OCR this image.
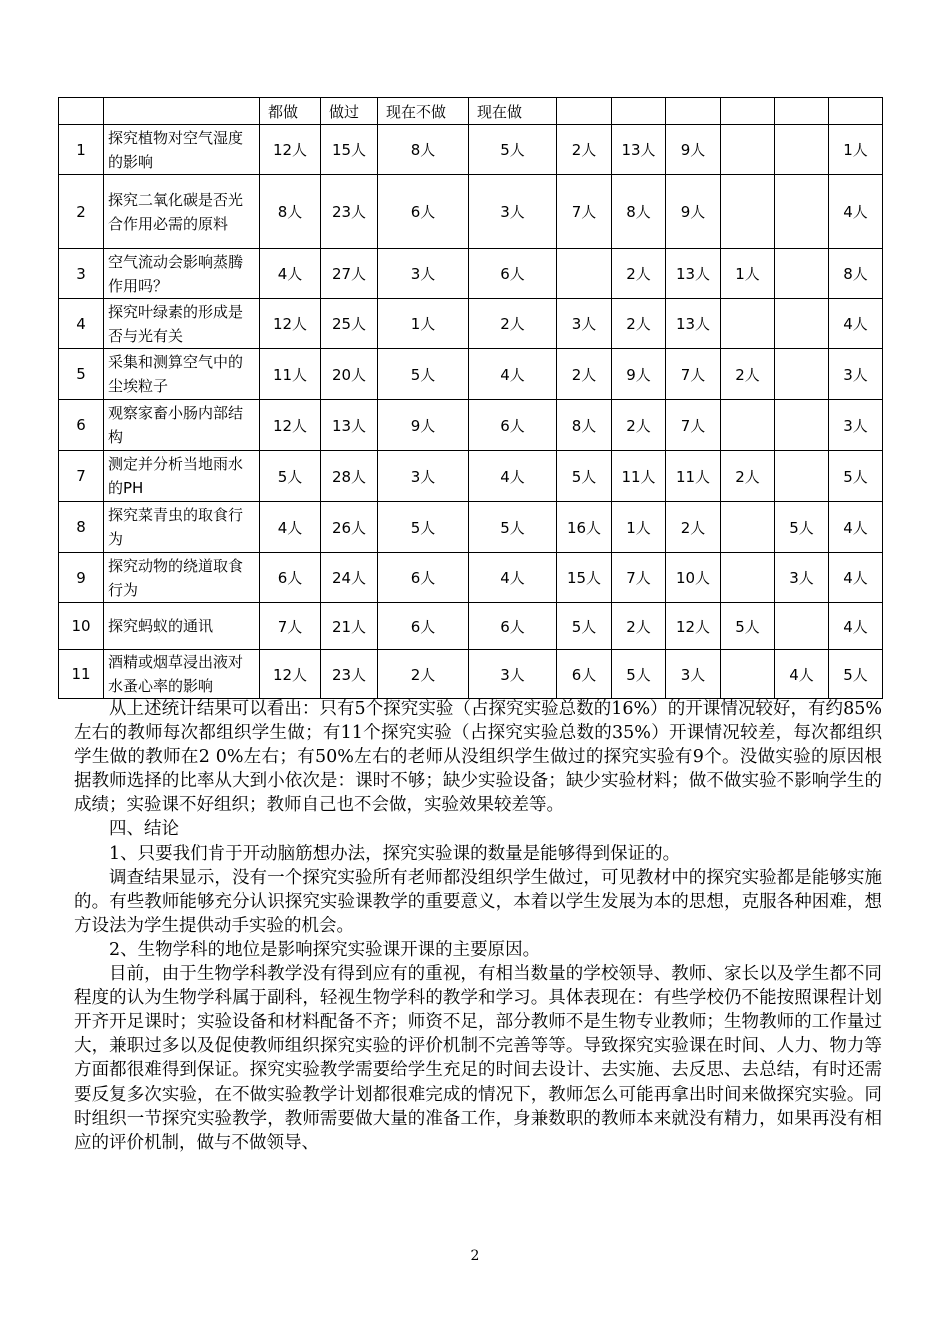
		都做	做过	现在不做	现在做						
1	探究植物对空气湿度的影响	12人	15人	8人	5人	2人	13人	9人			1人
2	探究二氧化碳是否光合作用必需的原料	8人	23人	6人	3人	7人	8人	9人			4人
3	空气流动会影响蒸腾作用吗？	4人	27人	3人	6人		2人	13人	1人		8人
4	探究叶绿素的形成是否与光有关	12人	25人	1人	2人	3人	2人	13人			4人
5	采集和测算空气中的尘埃粒子	11人	20人	5人	4人	2人	9人	7人	2人		3人
6	观察家畜小肠内部结构	12人	13人	9人	6人	8人	2人	7人			3人
7	测定并分析当地雨水的PH	5人	28人	3人	4人	5人	11人	11人	2人		5人
8	探究菜青虫的取食行为	4人	26人	5人	5人	16人	1人	2人		5人	4人
9	探究动物的绕道取食行为	6人	24人	6人	4人	15人	7人	10人		3人	4人
10	探究蚂蚁的通讯	7人	21人	6人	6人	5人	2人	12人	5人		4人
11	酒精或烟草浸出液对水蚤心率的影响	12人	23人	2人	3人	6人	5人	3人		4人	5人

从上述统计结果可以看出：只有5个探究实验（占探究实验总数的16%）的开课情况较好，有约85%左右的教师每次都组织学生做；有11个探究实验（占探究实验总数的35%）开课情况较差，每次都组织学生做的教师在2 0%左右；有50%左右的老师从没组织学生做过的探究实验有9个。没做实验的原因根据教师选择的比率从大到小依次是：课时不够；缺少实验设备；缺少实验材料；做不做实验不影响学生的成绩；实验课不好组织；教师自己也不会做，实验效果较差等。

四、结论

1、只要我们肯于开动脑筋想办法，探究实验课的数量是能够得到保证的。

调查结果显示，没有一个探究实验所有老师都没组织学生做过，可见教材中的探究实验都是能够实施的。有些教师能够充分认识探究实验课教学的重要意义，本着以学生发展为本的思想，克服各种困难，想方设法为学生提供动手实验的机会。

2、生物学科的地位是影响探究实验课开课的主要原因。

目前，由于生物学科教学没有得到应有的重视，有相当数量的学校领导、教师、家长以及学生都不同程度的认为生物学科属于副科，轻视生物学科的教学和学习。具体表现在：有些学校仍不能按照课程计划开齐开足课时；实验设备和材料配备不齐；师资不足，部分教师不是生物专业教师；生物教师的工作量过大，兼职过多以及促使教师组织探究实验的评价机制不完善等等。导致探究实验课在时间、人力、物力等方面都很难得到保证。探究实验教学需要给学生充足的时间去设计、去实施、去反思、去总结，有时还需要反复多次实验，在不做实验教学计划都很难完成的情况下，教师怎么可能再拿出时间来做探究实验。同时组织一节探究实验教学，教师需要做大量的准备工作，身兼数职的教师本来就没有精力，如果再没有相应的评价机制，做与不做领导、

2
